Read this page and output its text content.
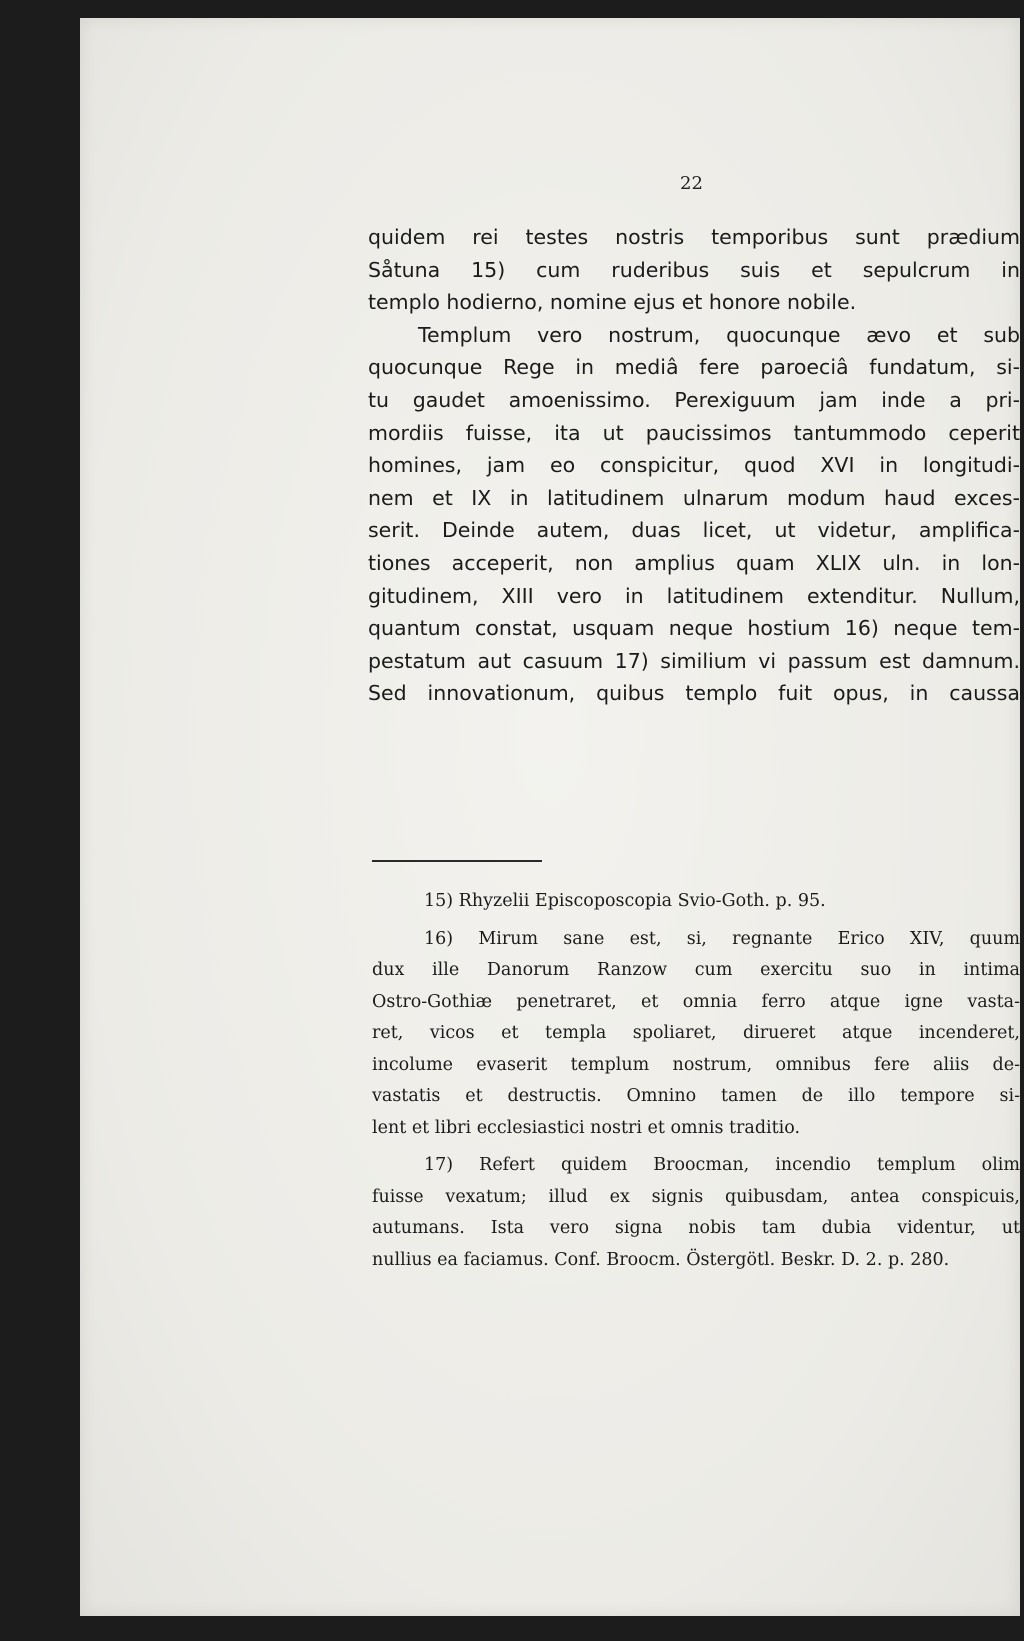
22
quidem rei testes nostris temporibus sunt prædium
Såtuna 15) cum ruderibus suis et sepulcrum in
templo hodierno, nomine ejus et honore nobile.
Templum vero nostrum, quocunque ævo et sub
quocunque Rege in mediâ fere paroeciâ fundatum, si-
tu gaudet amoenissimo. Perexiguum jam inde a pri-
mordiis fuisse, ita ut paucissimos tantummodo ceperit
homines, jam eo conspicitur, quod XVI in longitudi-
nem et IX in latitudinem ulnarum modum haud exces-
serit. Deinde autem, duas licet, ut videtur, amplifica-
tiones acceperit, non amplius quam XLIX uln. in lon-
gitudinem, XIII vero in latitudinem extenditur. Nullum,
quantum constat, usquam neque hostium 16) neque tem-
pestatum aut casuum 17) similium vi passum est damnum.
Sed innovationum, quibus templo fuit opus, in caussa
15) Rhyzelii Episcoposcopia Svio-Goth. p. 95.
16) Mirum sane est, si, regnante Erico XIV, quum
dux ille Danorum Ranzow cum exercitu suo in intima
Ostro-Gothiæ penetraret, et omnia ferro atque igne vasta-
ret, vicos et templa spoliaret, dirueret atque incenderet,
incolume evaserit templum nostrum, omnibus fere aliis de-
vastatis et destructis. Omnino tamen de illo tempore si-
lent et libri ecclesiastici nostri et omnis traditio.
17) Refert quidem Broocman, incendio templum olim
fuisse vexatum; illud ex signis quibusdam, antea conspicuis,
autumans. Ista vero signa nobis tam dubia videntur, ut
nullius ea faciamus. Conf. Broocm. Östergötl. Beskr. D. 2. p. 280.
